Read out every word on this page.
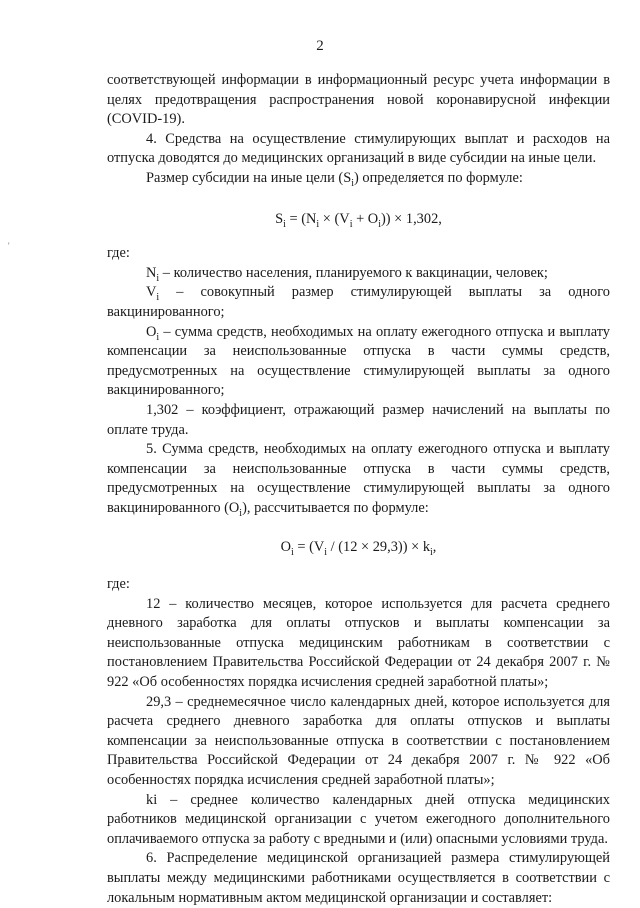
2
'

соответствующей информации в информационный ресурс учета информации в целях предотвращения распространения новой коронавирусной инфекции (COVID-19).

4. Средства на осуществление стимулирующих выплат и расходов на отпуска доводятся до медицинских организаций в виде субсидии на иные цели.

Размер субсидии на иные цели $(S_i)$ определяется по формуле:

$S_i = (N_i \times (V_i + O_i)) \times 1,302$,

где:

$N_i$ – количество населения, планируемого к вакцинации, человек;

$V_i$ – совокупный размер стимулирующей выплаты за одного вакцинированного;

$O_i$ – сумма средств, необходимых на оплату ежегодного отпуска и выплату компенсации за неиспользованные отпуска в части суммы средств, предусмотренных на осуществление стимулирующей выплаты за одного вакцинированного;

1,302 – коэффициент, отражающий размер начислений на выплаты по оплате труда.

5. Сумма средств, необходимых на оплату ежегодного отпуска и выплату компенсации за неиспользованные отпуска в части суммы средств, предусмотренных на осуществление стимулирующей выплаты за одного вакцинированного $(O_i)$, рассчитывается по формуле:

$O_i = (V_i / (12 \times 29,3)) \times k_i$,

где:

12 – количество месяцев, которое используется для расчета среднего дневного заработка для оплаты отпусков и выплаты компенсации за неиспользованные отпуска медицинским работникам в соответствии с постановлением Правительства Российской Федерации от 24 декабря 2007 г. № 922 «Об особенностях порядка исчисления средней заработной платы»;

29,3 – среднемесячное число календарных дней, которое используется для расчета среднего дневного заработка для оплаты отпусков и выплаты компенсации за неиспользованные отпуска в соответствии с постановлением Правительства Российской Федерации от 24 декабря 2007 г. № 922 «Об особенностях порядка исчисления средней заработной платы»;

ki – среднее количество календарных дней отпуска медицинских работников медицинской организации с учетом ежегодного дополнительного оплачиваемого отпуска за работу с вредными и (или) опасными условиями труда.

6. Распределение медицинской организацией размера стимулирующей выплаты между медицинскими работниками осуществляется в соответствии с локальным нормативным актом медицинской организации и составляет:
